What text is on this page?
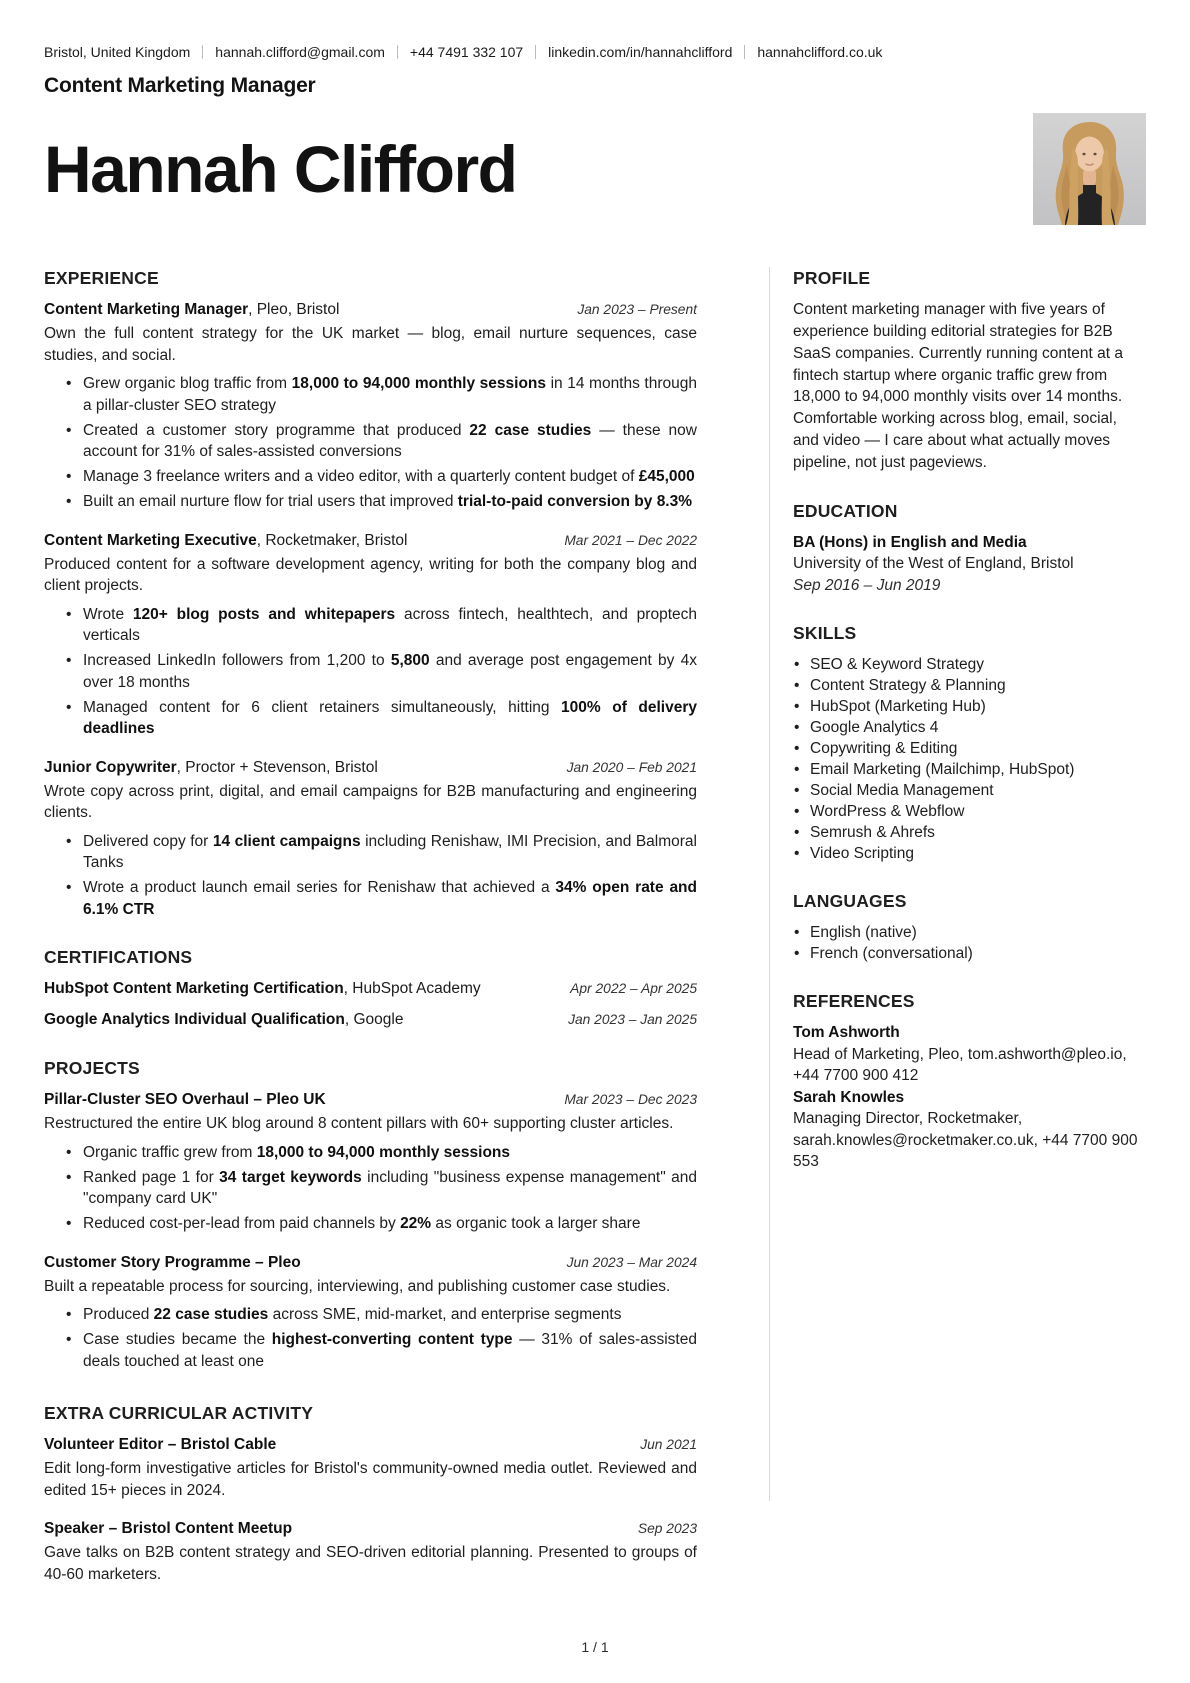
Bristol, United Kingdom hannah.clifford@gmail.com +44 7491 332 107 linkedin.com/in/hannahclifford hannahclifford.co.uk
Content Marketing Manager
Hannah Clifford
EXPERIENCE

Content Marketing Manager, Pleo, Bristol	Jan 2023 – Present

Own the full content strategy for the UK market — blog, email nurture sequences, case studies, and social.

• Grew organic blog traffic from 18,000 to 94,000 monthly sessions in 14 months through a pillar-cluster SEO strategy
• Created a customer story programme that produced 22 case studies — these now account for 31% of sales-assisted conversions
• Manage 3 freelance writers and a video editor, with a quarterly content budget of £45,000
• Built an email nurture flow for trial users that improved trial-to-paid conversion by 8.3%

Content Marketing Executive, Rocketmaker, Bristol	Mar 2021 – Dec 2022

Produced content for a software development agency, writing for both the company blog and client projects.

• Wrote 120+ blog posts and whitepapers across fintech, healthtech, and proptech verticals
• Increased LinkedIn followers from 1,200 to 5,800 and average post engagement by 4x over 18 months
• Managed content for 6 client retainers simultaneously, hitting 100% of delivery deadlines

Junior Copywriter, Proctor + Stevenson, Bristol	Jan 2020 – Feb 2021

Wrote copy across print, digital, and email campaigns for B2B manufacturing and engineering clients.

• Delivered copy for 14 client campaigns including Renishaw, IMI Precision, and Balmoral Tanks
• Wrote a product launch email series for Renishaw that achieved a 34% open rate and 6.1% CTR
CERTIFICATIONS

HubSpot Content Marketing Certification, HubSpot Academy	Apr 2022 – Apr 2025

Google Analytics Individual Qualification, Google	Jan 2023 – Jan 2025
PROJECTS

Pillar-Cluster SEO Overhaul – Pleo UK	Mar 2023 – Dec 2023

Restructured the entire UK blog around 8 content pillars with 60+ supporting cluster articles.

• Organic traffic grew from 18,000 to 94,000 monthly sessions
• Ranked page 1 for 34 target keywords including "business expense management" and "company card UK"
• Reduced cost-per-lead from paid channels by 22% as organic took a larger share

Customer Story Programme – Pleo	Jun 2023 – Mar 2024

Built a repeatable process for sourcing, interviewing, and publishing customer case studies.

• Produced 22 case studies across SME, mid-market, and enterprise segments
• Case studies became the highest-converting content type — 31% of sales-assisted deals touched at least one
EXTRA CURRICULAR ACTIVITY

Volunteer Editor – Bristol Cable	Jun 2021

Edit long-form investigative articles for Bristol's community-owned media outlet. Reviewed and edited 15+ pieces in 2024.

Speaker – Bristol Content Meetup	Sep 2023

Gave talks on B2B content strategy and SEO-driven editorial planning. Presented to groups of 40-60 marketers.

PROFILE

Content marketing manager with five years of experience building editorial strategies for B2B SaaS companies. Currently running content at a fintech startup where organic traffic grew from 18,000 to 94,000 monthly visits over 14 months. Comfortable working across blog, email, social, and video — I care about what actually moves pipeline, not just pageviews.

EDUCATION

BA (Hons) in English and Media

University of the West of England, Bristol

Sep 2016 – Jun 2019

SKILLS
• SEO & Keyword Strategy
• Content Strategy & Planning
• HubSpot (Marketing Hub)
• Google Analytics 4
• Copywriting & Editing
• Email Marketing (Mailchimp, HubSpot)
• Social Media Management
• WordPress & Webflow
• Semrush & Ahrefs
• Video Scripting
LANGUAGES
• English (native)
• French (conversational)
REFERENCES

Tom Ashworth

Head of Marketing, Pleo, tom.ashworth@pleo.io, +44 7700 900 412

Sarah Knowles

Managing Director, Rocketmaker, sarah.knowles@rocketmaker.co.uk, +44 7700 900 553

1 / 1
